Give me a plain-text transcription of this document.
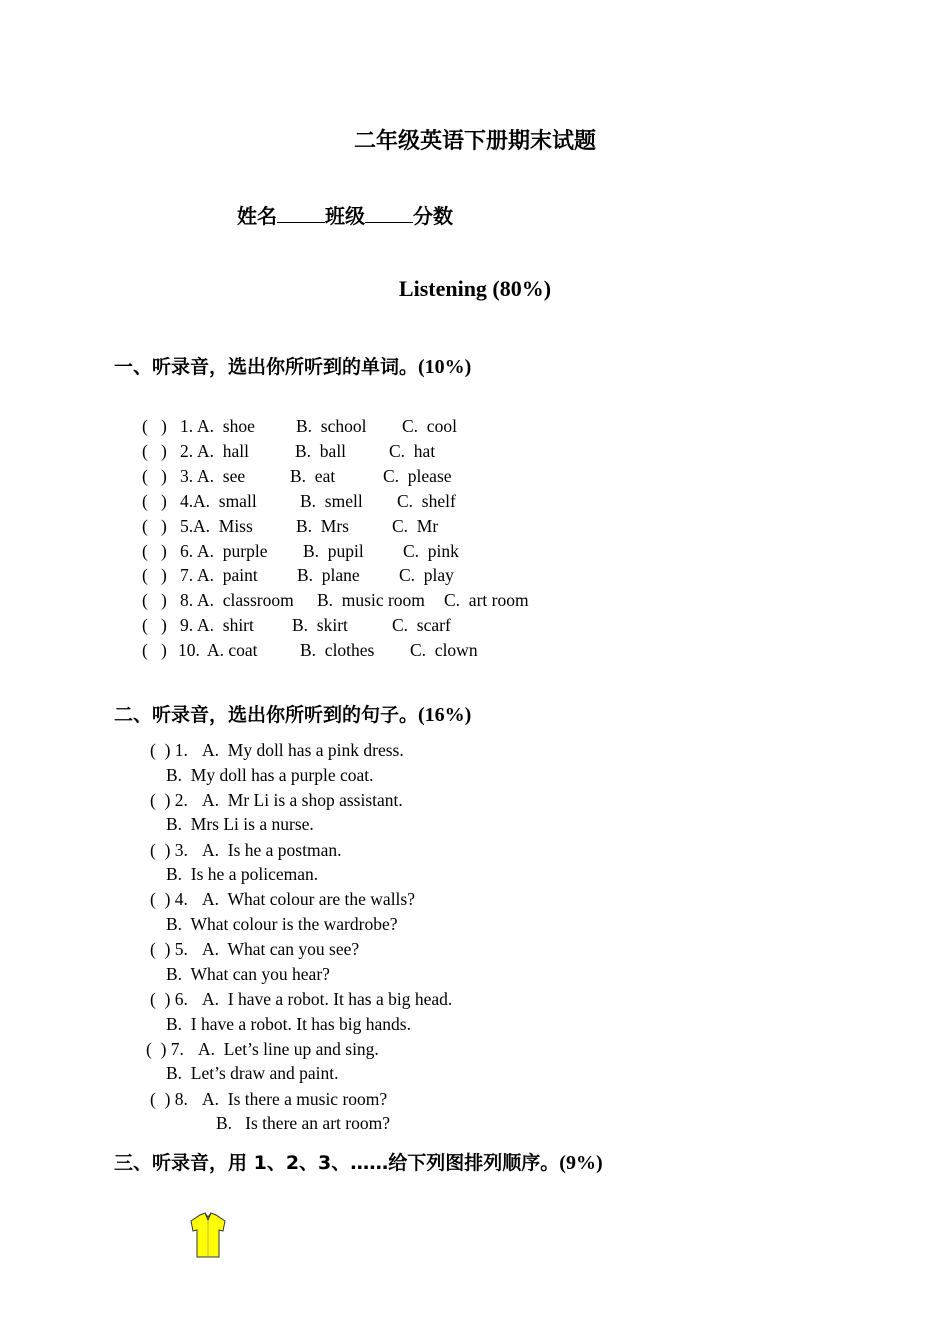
二年级英语下册期末试题
姓名 班级 分数
Listening (80%)
一、听录音，选出你所听到的单词。(10%)
(   ) 1. A.  shoe B.  school C.  cool
(   ) 2. A.  hall	B.  ball C.  hat
(   ) 3. A.  see	B.  eat	C.  please
(   ) 4. A.  small B.  smell C.  shelf
(   ) 5. A.  Miss B.  Mrs C.  Mr
(   ) 6. A.  purple B.  pupil C.  pink
(   ) 7. A.  paint B.  plane C.  play
(   ) 8. A.  classroom B.  music room C.  art room
(   ) 9. A.  shirt B.  skirt	C.  scarf
(   ) 10. A. coat B.  clothes C.  clown
二、听录音，选出你所听到的句子。(16%)
(  ) 1. A.  My doll has a pink dress.
B.  My doll has a purple coat.
(  ) 2. A.  Mr Li is a shop assistant.
B.  Mrs Li is a nurse.
(  ) 3. A.  Is he a postman.
B.  Is he a policeman.
(  ) 4. A.  What colour are the walls?
B.  What colour is the wardrobe?
(  ) 5. A.  What can you see?
B.  What can you hear?
(  ) 6. A.  I have a robot. It has a big head.
B.  I have a robot. It has big hands.
(  ) 7. A.  Let’s line up and sing.
B.  Let’s draw and paint.
(  ) 8. A.  Is there a music room?
B.   Is there an art room?
三、听录音，用 1、2、3、……给下列图排列顺序。(9%)
